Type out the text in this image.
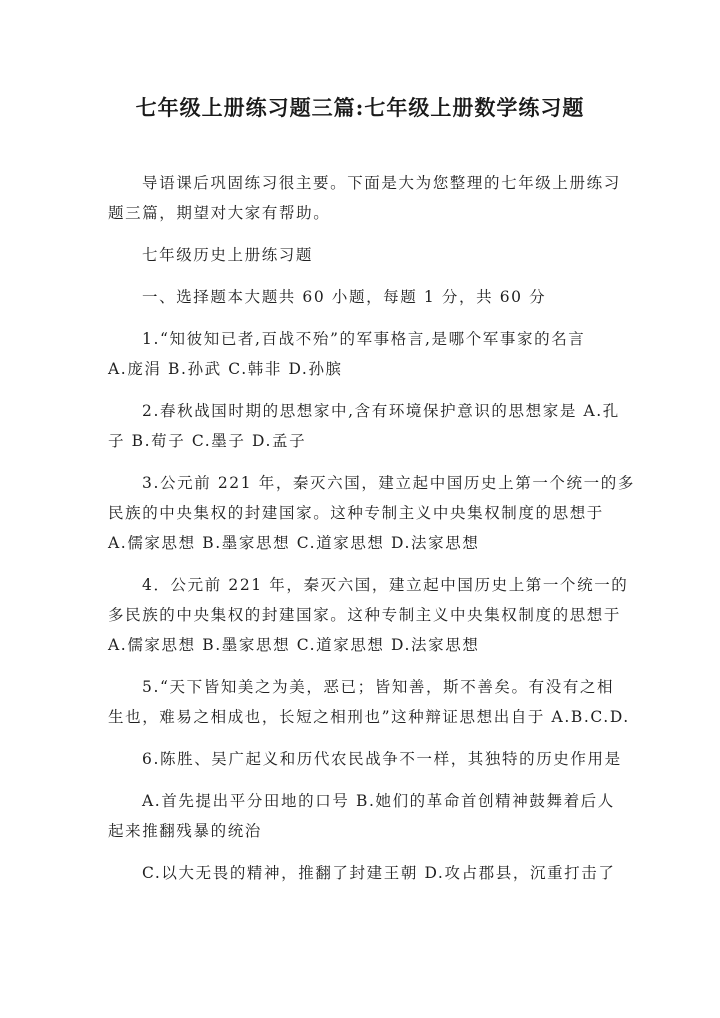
七年级上册练习题三篇:七年级上册数学练习题
导语课后巩固练习很主要。下面是大为您整理的七年级上册练习
题三篇，期望对大家有帮助。
七年级历史上册练习题
一、选择题本大题共 60 小题，每题 1 分，共 60 分
1.“知彼知已者,百战不殆”的军事格言,是哪个军事家的名言
A.庞涓 B.孙武 C.韩非 D.孙膑
2.春秋战国时期的思想家中,含有环境保护意识的思想家是 A.孔
子 B.荀子 C.墨子 D.孟子
3.公元前 221 年，秦灭六国，建立起中国历史上第一个统一的多
民族的中央集权的封建国家。这种专制主义中央集权制度的思想于
A.儒家思想 B.墨家思想 C.道家思想 D.法家思想
4．公元前 221 年，秦灭六国，建立起中国历史上第一个统一的
多民族的中央集权的封建国家。这种专制主义中央集权制度的思想于
A.儒家思想 B.墨家思想 C.道家思想 D.法家思想
5.“天下皆知美之为美，恶已；皆知善，斯不善矣。有没有之相
生也，难易之相成也，长短之相刑也”这种辩证思想出自于 A.B.C.D.
6.陈胜、吴广起义和历代农民战争不一样，其独特的历史作用是
A.首先提出平分田地的口号 B.她们的革命首创精神鼓舞着后人
起来推翻残暴的统治
C.以大无畏的精神，推翻了封建王朝 D.攻占郡县，沉重打击了
